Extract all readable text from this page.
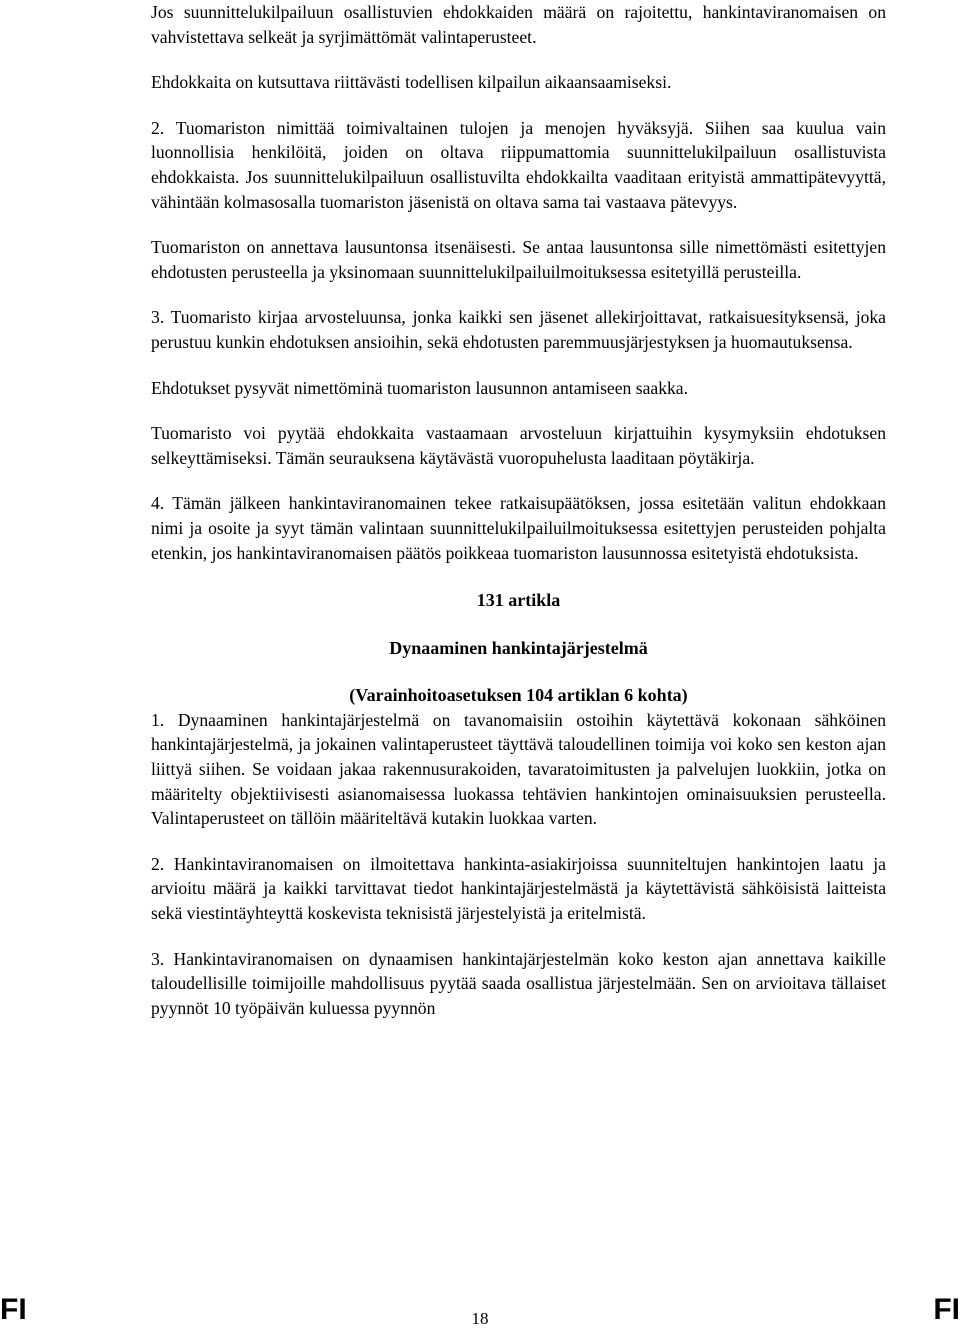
Jos suunnittelukilpailuun osallistuvien ehdokkaiden määrä on rajoitettu, hankintaviranomaisen on vahvistettava selkeät ja syrjimättömät valintaperusteet.

Ehdokkaita on kutsuttava riittävästi todellisen kilpailun aikaansaamiseksi.

2. Tuomariston nimittää toimivaltainen tulojen ja menojen hyväksyjä. Siihen saa kuulua vain luonnollisia henkilöitä, joiden on oltava riippumattomia suunnittelukilpailuun osallistuvista ehdokkaista. Jos suunnittelukilpailuun osallistuvilta ehdokkailta vaaditaan erityistä ammattipätevyyttä, vähintään kolmasosalla tuomariston jäsenistä on oltava sama tai vastaava pätevyys.

Tuomariston on annettava lausuntonsa itsenäisesti. Se antaa lausuntonsa sille nimettömästi esitettyjen ehdotusten perusteella ja yksinomaan suunnittelukilpailuilmoituksessa esitetyillä perusteilla.

3. Tuomaristo kirjaa arvosteluunsa, jonka kaikki sen jäsenet allekirjoittavat, ratkaisuesityksensä, joka perustuu kunkin ehdotuksen ansioihin, sekä ehdotusten paremmuusjärjestyksen ja huomautuksensa.

Ehdotukset pysyvät nimettöminä tuomariston lausunnon antamiseen saakka.

Tuomaristo voi pyytää ehdokkaita vastaamaan arvosteluun kirjattuihin kysymyksiin ehdotuksen selkeyttämiseksi. Tämän seurauksena käytävästä vuoropuhelusta laaditaan pöytäkirja.

4. Tämän jälkeen hankintaviranomainen tekee ratkaisupäätöksen, jossa esitetään valitun ehdokkaan nimi ja osoite ja syyt tämän valintaan suunnittelukilpailuilmoituksessa esitettyjen perusteiden pohjalta etenkin, jos hankintaviranomaisen päätös poikkeaa tuomariston lausunnossa esitetyistä ehdotuksista.

131 artikla
Dynaaminen hankintajärjestelmä
(Varainhoitoasetuksen 104 artiklan 6 kohta)

1. Dynaaminen hankintajärjestelmä on tavanomaisiin ostoihin käytettävä kokonaan sähköinen hankintajärjestelmä, ja jokainen valintaperusteet täyttävä taloudellinen toimija voi koko sen keston ajan liittyä siihen. Se voidaan jakaa rakennusurakoiden, tavaratoimitusten ja palvelujen luokkiin, jotka on määritelty objektiivisesti asianomaisessa luokassa tehtävien hankintojen ominaisuuksien perusteella. Valintaperusteet on tällöin määriteltävä kutakin luokkaa varten.

2. Hankintaviranomaisen on ilmoitettava hankinta-asiakirjoissa suunniteltujen hankintojen laatu ja arvioitu määrä ja kaikki tarvittavat tiedot hankintajärjestelmästä ja käytettävistä sähköisistä laitteista sekä viestintäyhteyttä koskevista teknisistä järjestelyistä ja eritelmistä.

3. Hankintaviranomaisen on dynaamisen hankintajärjestelmän koko keston ajan annettava kaikille taloudellisille toimijoille mahdollisuus pyytää saada osallistua järjestelmään. Sen on arvioitava tällaiset pyynnöt 10 työpäivän kuluessa pyynnön

FI	18	FI
